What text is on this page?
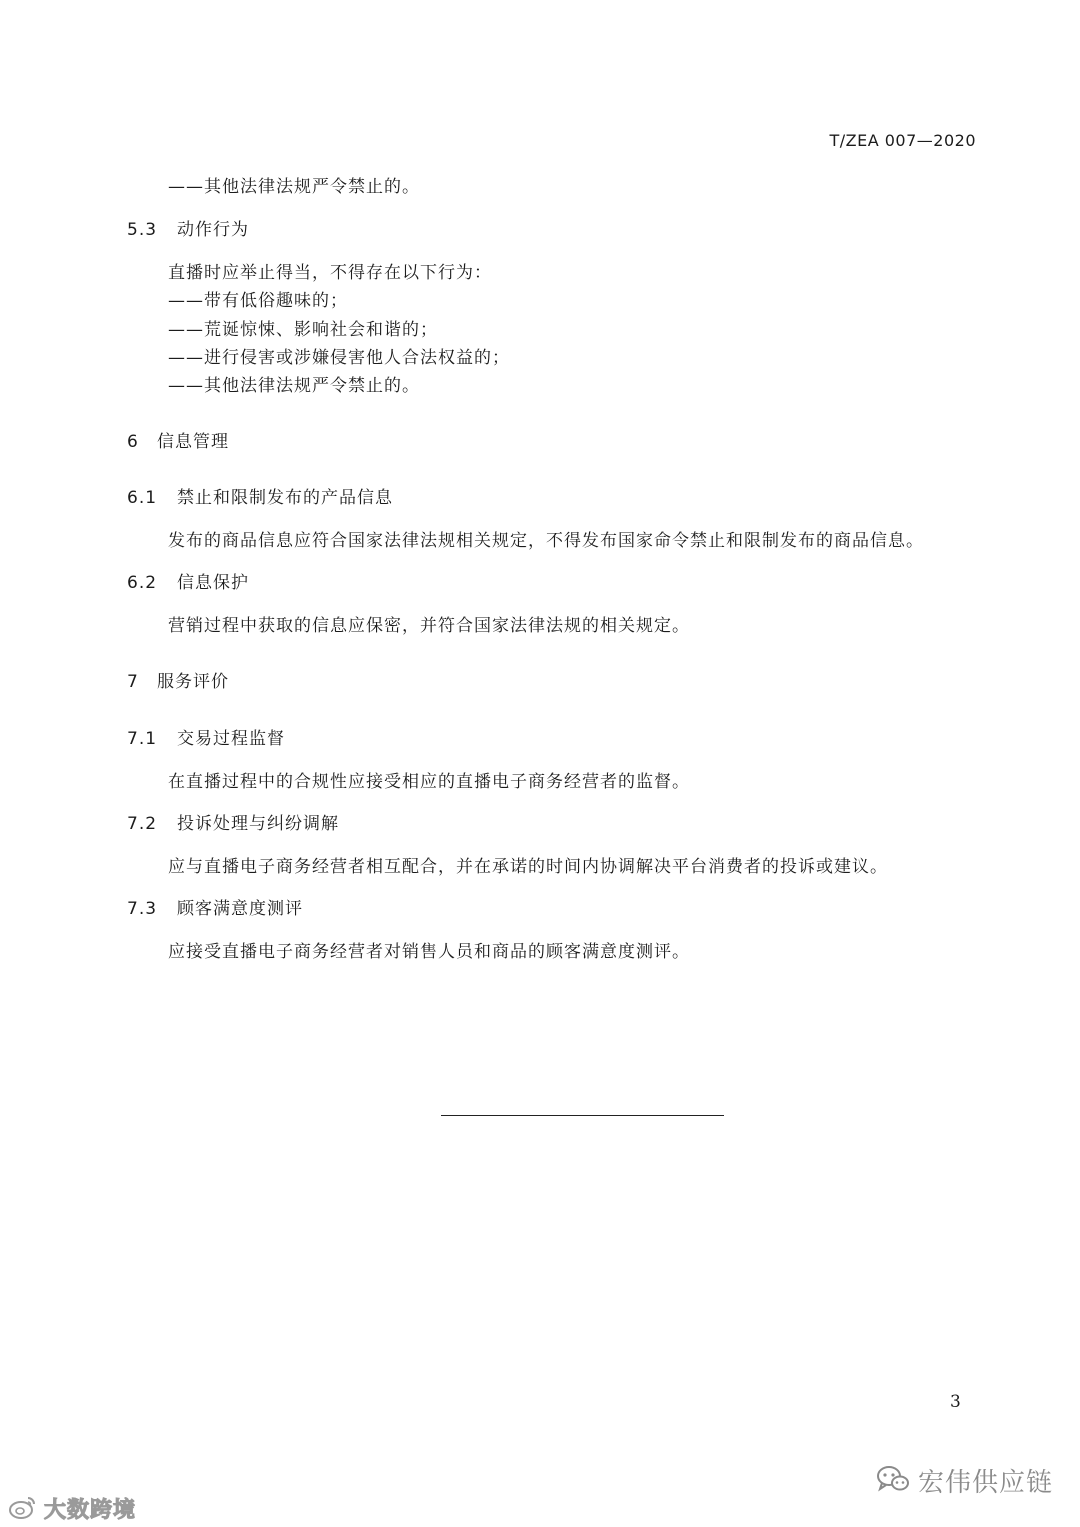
T/ZEA 007—2020
——其他法律法规严令禁止的。
5.3 动作行为
直播时应举止得当，不得存在以下行为：
——带有低俗趣味的；
——荒诞惊悚、影响社会和谐的；
——进行侵害或涉嫌侵害他人合法权益的；
——其他法律法规严令禁止的。
6 信息管理
6.1 禁止和限制发布的产品信息
发布的商品信息应符合国家法律法规相关规定，不得发布国家命令禁止和限制发布的商品信息。
6.2 信息保护
营销过程中获取的信息应保密，并符合国家法律法规的相关规定。
7 服务评价
7.1 交易过程监督
在直播过程中的合规性应接受相应的直播电子商务经营者的监督。
7.2 投诉处理与纠纷调解
应与直播电子商务经营者相互配合，并在承诺的时间内协调解决平台消费者的投诉或建议。
7.3 顾客满意度测评
应接受直播电子商务经营者对销售人员和商品的顾客满意度测评。
3
大数跨境
宏伟供应链
